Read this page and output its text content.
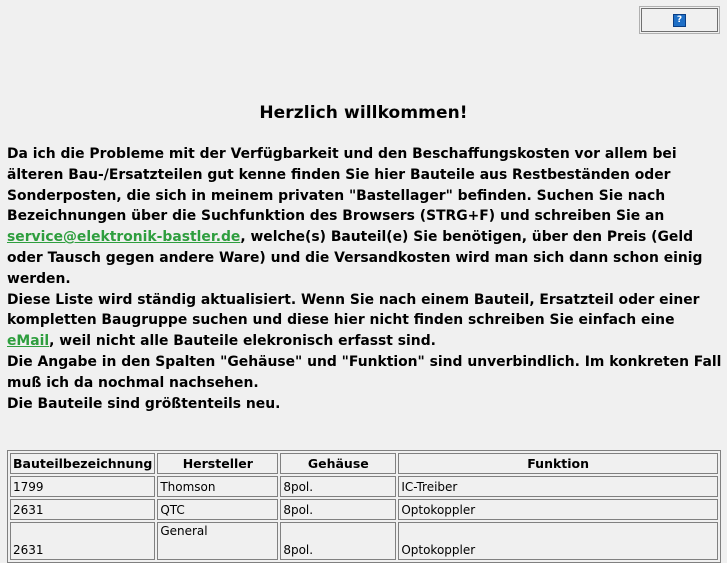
?
Herzlich willkommen!

Da ich die Probleme mit der Verfügbarkeit und den Beschaffungskosten vor allem bei älteren Bau-/Ersatzteilen gut kenne finden Sie hier Bauteile aus Restbeständen oder Sonderposten, die sich in meinem privaten "Bastellager" befinden. Suchen Sie nach Bezeichnungen über die Suchfunktion des Browsers (STRG+F) und schreiben Sie an service@elektronik-bastler.de, welche(s) Bauteil(e) Sie benötigen, über den Preis (Geld oder Tausch gegen andere Ware) und die Versandkosten wird man sich dann schon einig werden.

Diese Liste wird ständig aktualisiert. Wenn Sie nach einem Bauteil, Ersatzteil oder einer kompletten Baugruppe suchen und diese hier nicht finden schreiben Sie einfach eine eMail, weil nicht alle Bauteile elekronisch erfasst sind.

Die Angabe in den Spalten "Gehäuse" und "Funktion" sind unverbindlich. Im konkreten Fall muß ich da nochmal nachsehen.

Die Bauteile sind größtenteils neu.

Bauteilbezeichnung	Hersteller	Gehäuse	Funktion
1799	Thomson	8pol.	IC-Treiber
2631	QTC	8pol.	Optokoppler
2631	General	8pol.	Optokoppler
